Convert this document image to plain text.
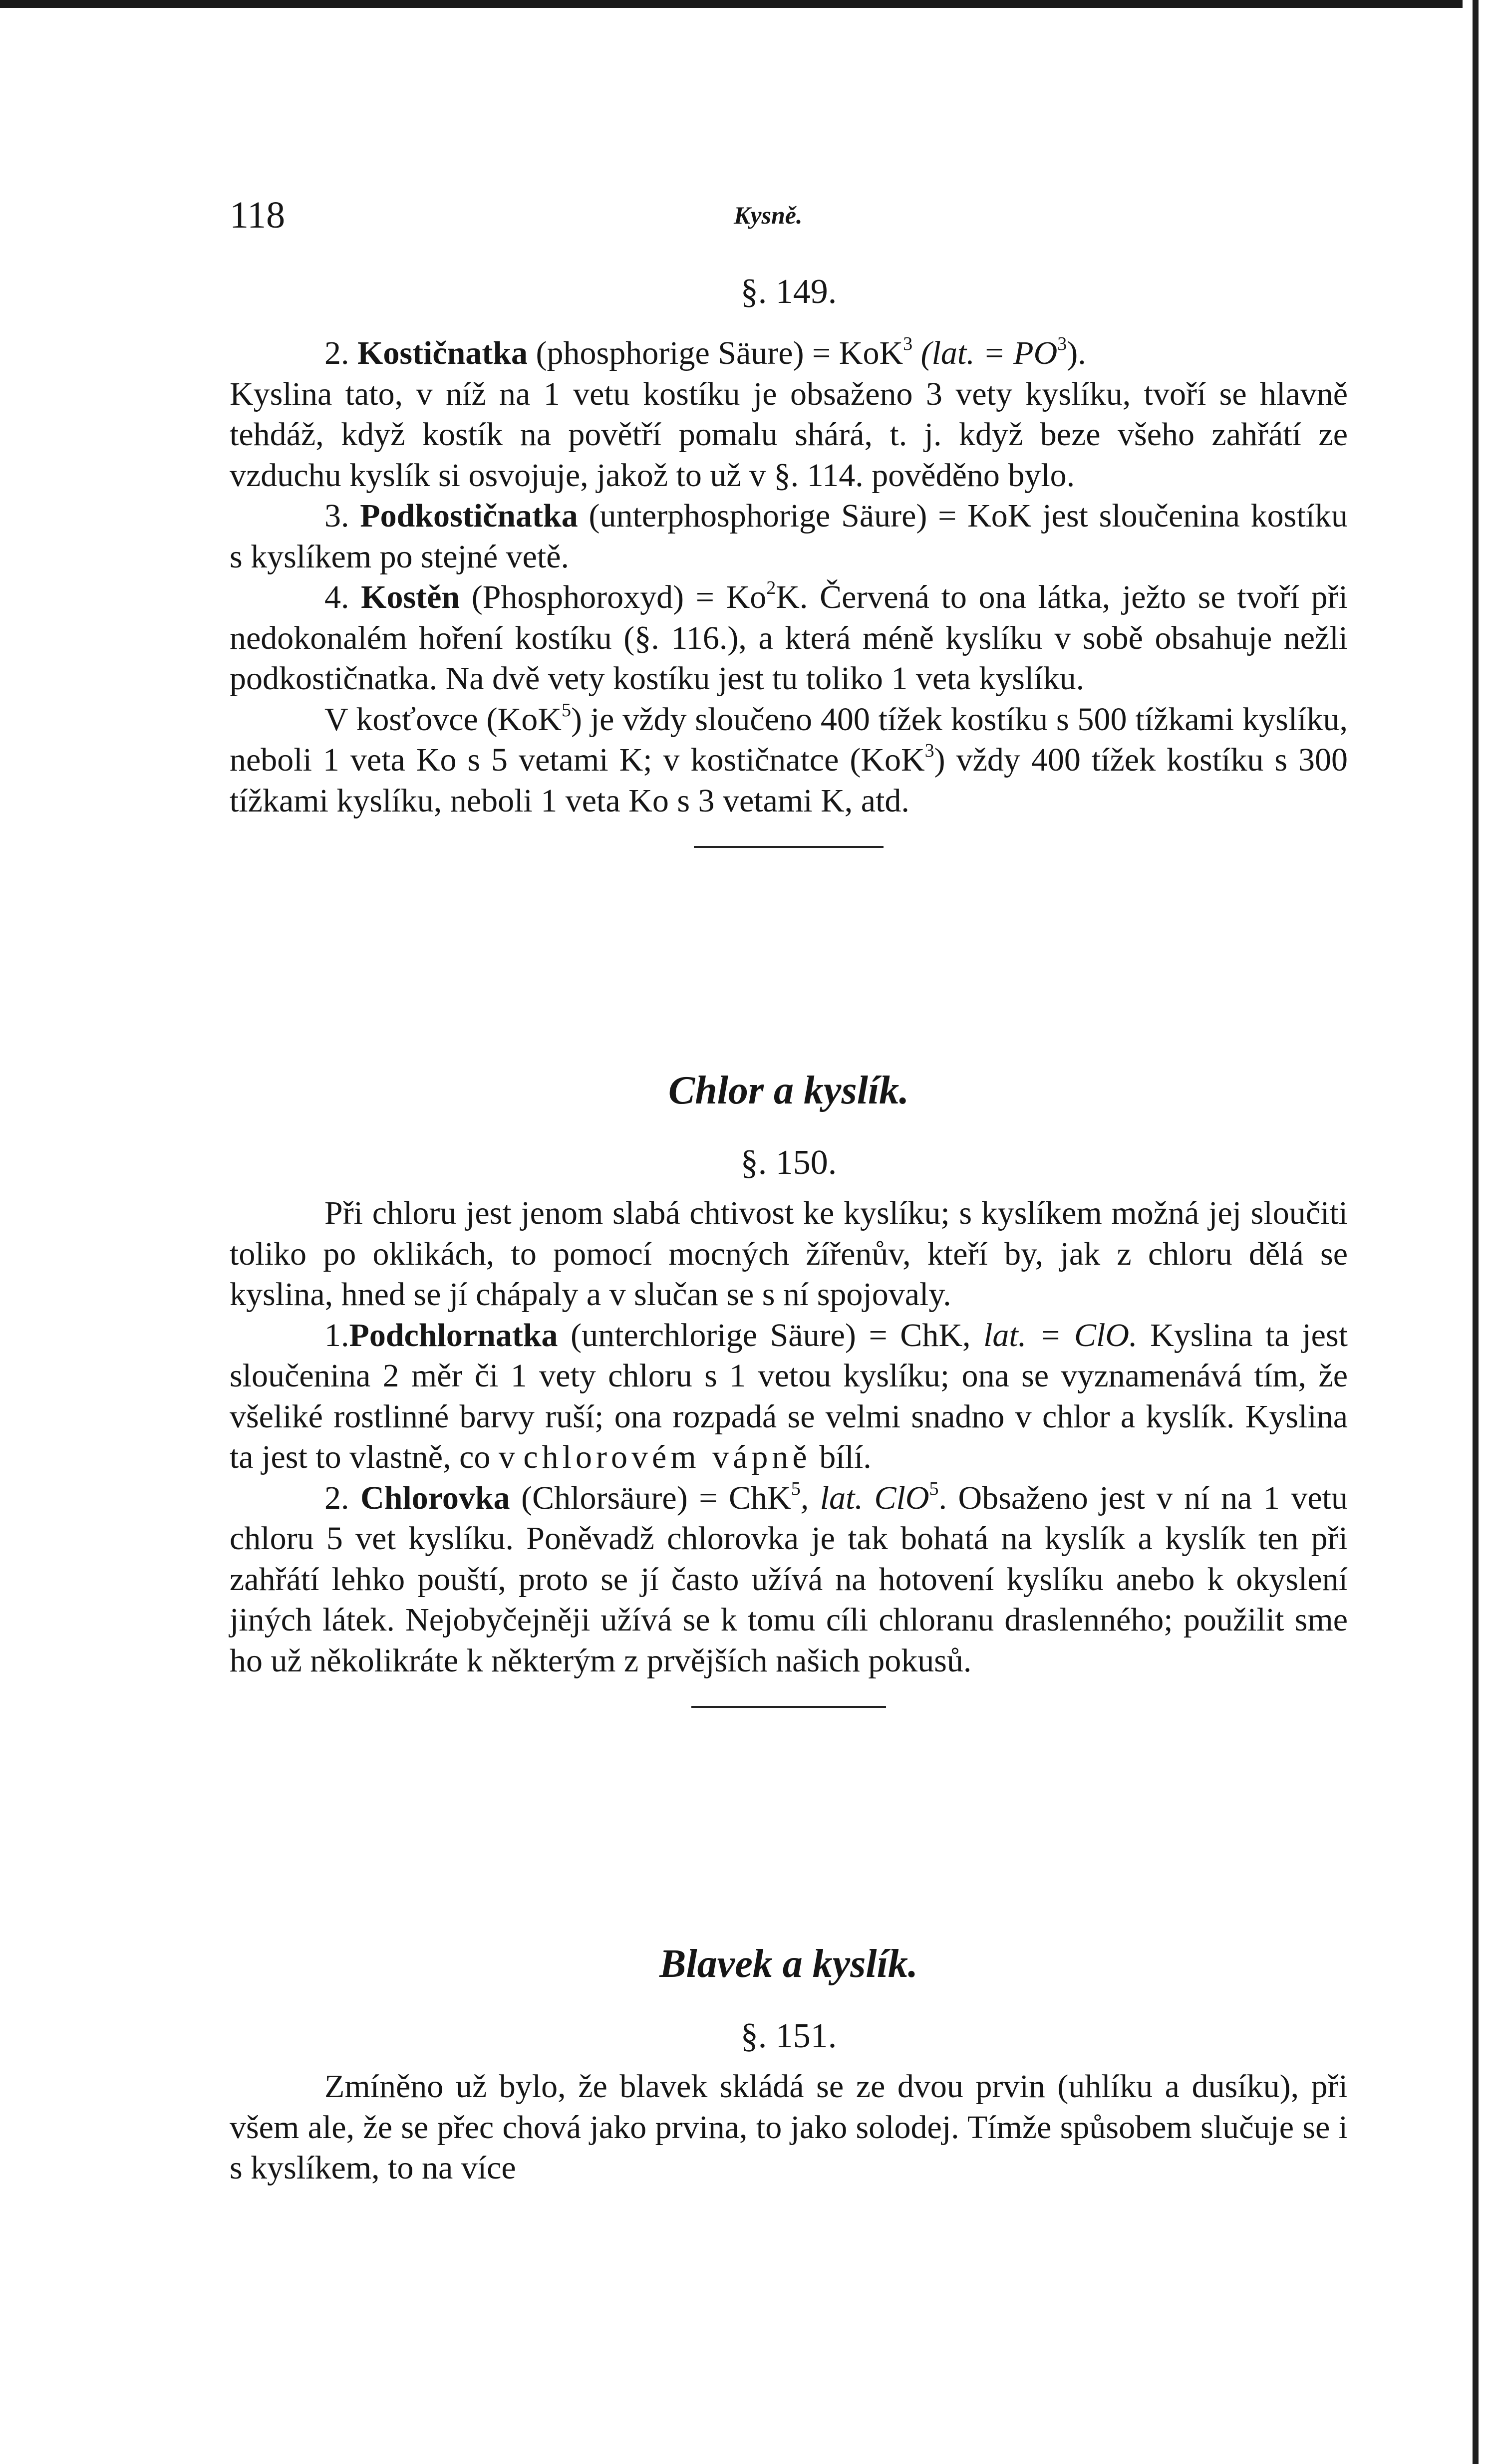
118	Kysně.
§. 149.

2. Kostičnatka (phosphorige Säure) = KoK$^3$ (lat. = $PO^3$).

Kyslina tato, v níž na 1 vetu kostíku je obsaženo 3 vety kyslíku, tvoří se hlavně tehdáž, když kostík na povětří pomalu shárá, t. j. když beze všeho zahřátí ze vzduchu kyslík si osvojuje, jakož to už v §. 114. pověděno bylo.

3. Podkostičnatka (unterphosphorige Säure) = KoK jest sloučenina kostíku s kyslíkem po stejné vetě.

4. Kostěn (Phosphoroxyd) = $Ko^2K$. Červená to ona látka, ježto se tvoří při nedokonalém hoření kostíku (§. 116.), a která méně kyslíku v sobě obsahuje nežli podkostičnatka. Na dvě vety kostíku jest tu toliko 1 veta kyslíku.

V kosťovce (KoK$^5$) je vždy sloučeno 400 tížek kostíku s 500 tížkami kyslíku, neboli 1 veta Ko s 5 vetami K; v kostičnatce (KoK$^3$) vždy 400 tížek kostíku s 300 tížkami kyslíku, neboli 1 veta Ko s 3 vetami K, atd.

Chlor a kyslík.
§. 150.

Při chloru jest jenom slabá chtivost ke kyslíku; s kyslíkem možná jej sloučiti toliko po oklikách, to pomocí mocných žířenův, kteří by, jak z chloru dělá se kyslina, hned se jí chápaly a v slučan se s ní spojovaly.

1.Podchlornatka (unterchlorige Säure) = ChK, lat. = ClO. Kyslina ta jest sloučenina 2 měr či 1 vety chloru s 1 vetou kyslíku; ona se vyznamenává tím, že všeliké rostlinné barvy ruší; ona rozpadá se velmi snadno v chlor a kyslík. Kyslina ta jest to vlastně, co v chlorovém vápně bílí.

2. Chlorovka (Chlorsäure) = ChK$^5$, lat. ClO$^5$. Obsaženo jest v ní na 1 vetu chloru 5 vet kyslíku. Poněvadž chlorovka je tak bohatá na kyslík a kyslík ten při zahřátí lehko pouští, proto se jí často užívá na hotovení kyslíku anebo k okyslení jiných látek. Nejobyčejněji užívá se k tomu cíli chloranu draslenného; použilit sme ho už několikráte k některým z prvějších našich pokusů.

Blavek a kyslík.
§. 151.

Zmíněno už bylo, že blavek skládá se ze dvou prvin (uhlíku a dusíku), při všem ale, že se přec chová jako prvina, to jako solodej. Tímže spůsobem slučuje se i s kyslíkem, to na více
